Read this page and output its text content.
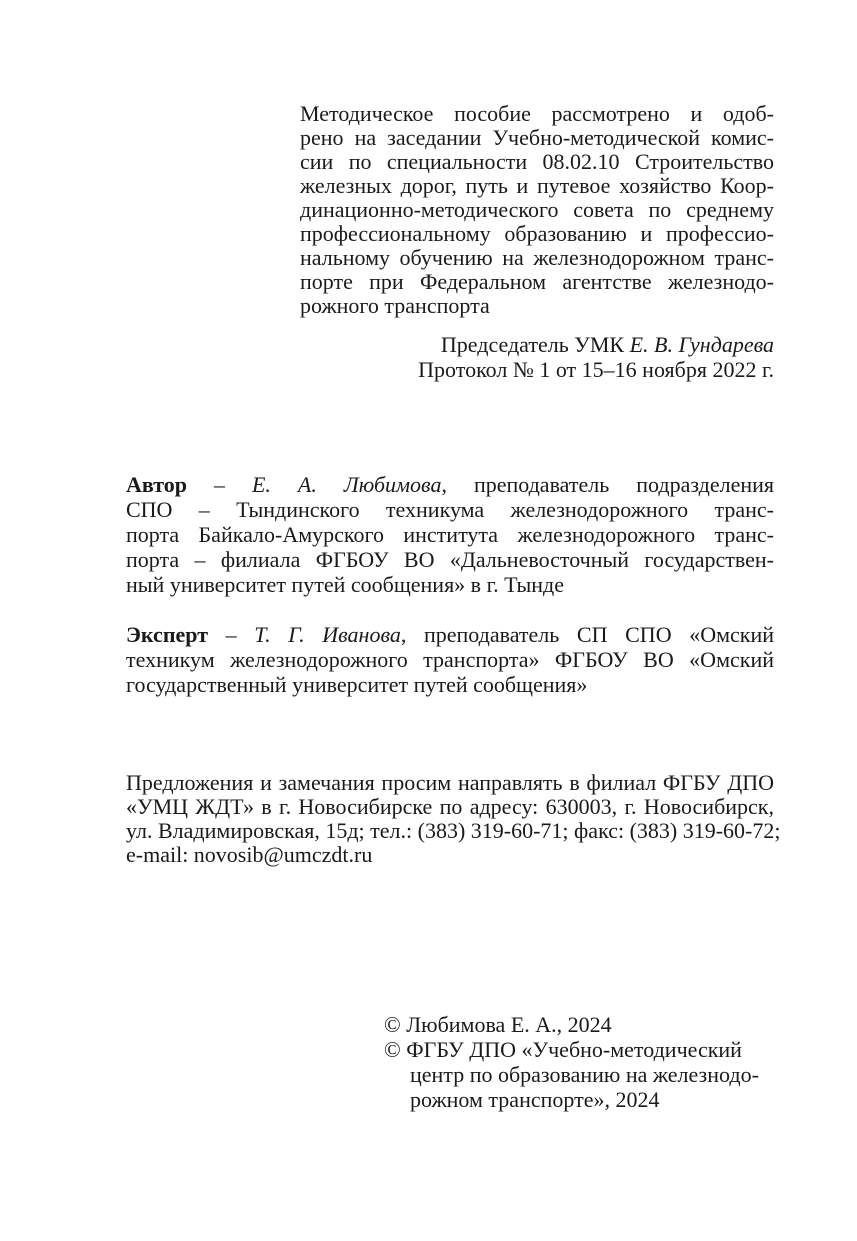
Методическое пособие рассмотрено и одоб-
рено на заседании Учебно-методической комис-
сии по специальности 08.02.10 Строительство
железных дорог, путь и путевое хозяйство Коор-
динационно-методического совета по среднему
профессиональному образованию и профессио-
нальному обучению на железнодорожном транс-
порте при Федеральном агентстве железнодо-
рожного транспорта
Председатель УМК Е. В. Гундарева
Протокол № 1 от 15–16 ноября 2022 г.
Автор – Е. А. Любимова, преподаватель подразделения
СПО – Тындинского техникума железнодорожного транс-
порта Байкало-Амурского института железнодорожного транс-
порта – филиала ФГБОУ ВО «Дальневосточный государствен-
ный университет путей сообщения» в г. Тынде
Эксперт – Т. Г. Иванова, преподаватель СП СПО «Омский
техникум железнодорожного транспорта» ФГБОУ ВО «Омский
государственный университет путей сообщения»
Предложения и замечания просим направлять в филиал ФГБУ ДПО
«УМЦ ЖДТ» в г. Новосибирске по адресу: 630003, г. Новосибирск,
ул. Владимировская, 15д; тел.: (383) 319-60-71; факс: (383) 319-60-72;
e-mail: novosib@umczdt.ru
© Любимова Е. А., 2024
© ФГБУ ДПО «Учебно-методический
центр по образованию на железнодо-
рожном транспорте», 2024
